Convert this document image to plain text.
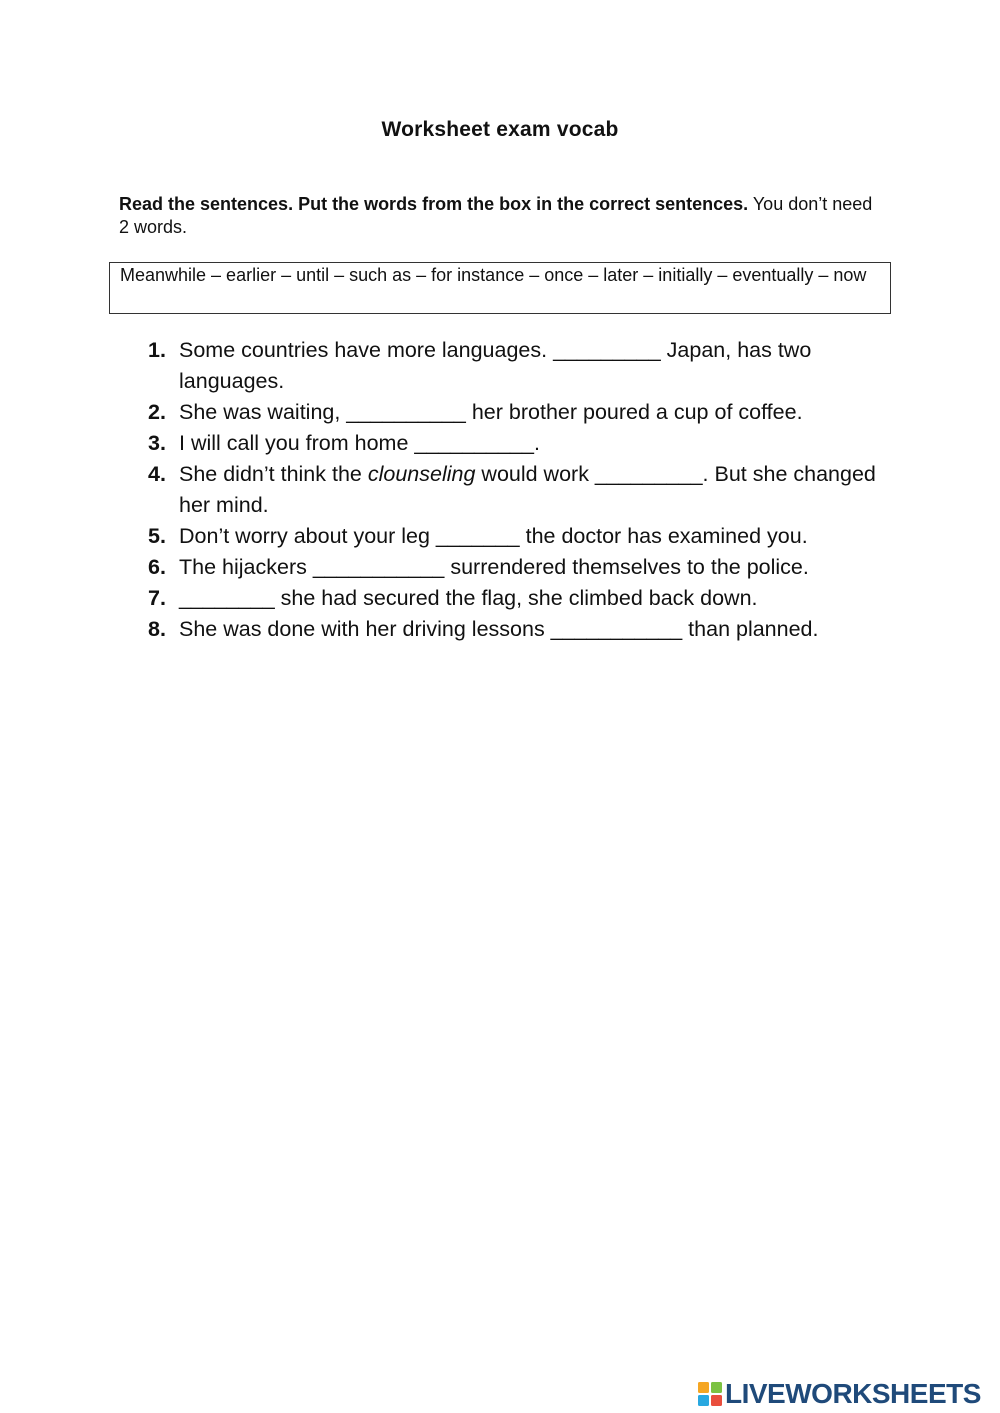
Worksheet exam vocab
Read the sentences. Put the words from the box in the correct sentences. You don’t need 2 words.
Meanwhile – earlier – until – such as – for instance – once – later – initially – eventually – now
1. Some countries have more languages. _________ Japan, has two languages.
2. She was waiting, __________ her brother poured a cup of coffee.
3. I will call you from home __________.
4. She didn’t think the clounseling would work _________. But she changed her mind.
5. Don’t worry about your leg _______ the doctor has examined you.
6. The hijackers ___________ surrendered themselves to the police.
7. ________ she had secured the flag, she climbed back down.
8. She was done with her driving lessons ___________ than planned.
LIVEWORKSHEETS
